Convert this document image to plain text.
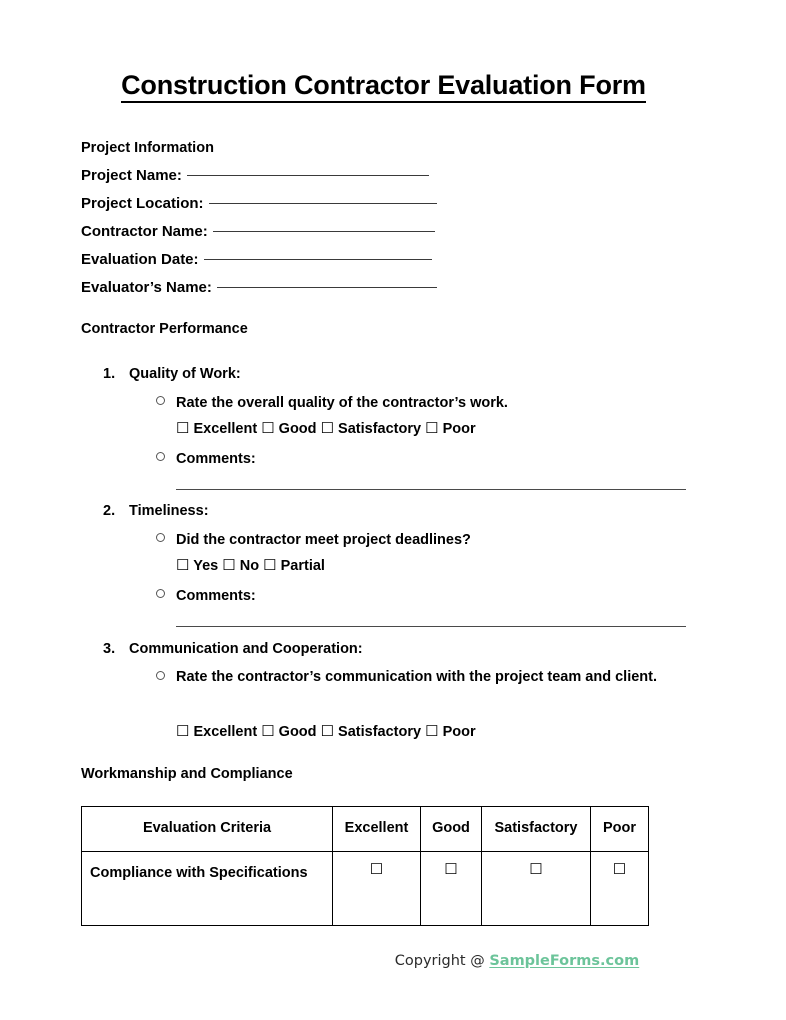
Construction Contractor Evaluation Form
Project Information
Project Name:
Project Location:
Contractor Name:
Evaluation Date:
Evaluator’s Name:
Contractor Performance
1. Quality of Work:
Rate the overall quality of the contractor’s work.
☐ Excellent ☐ Good ☐ Satisfactory ☐ Poor
Comments:
2. Timeliness:
Did the contractor meet project deadlines?
☐ Yes ☐ No ☐ Partial
Comments:
3. Communication and Cooperation:
Rate the contractor’s communication with the project team and client.
☐ Excellent ☐ Good ☐ Satisfactory ☐ Poor
Workmanship and Compliance
Evaluation Criteria	Excellent	Good	Satisfactory	Poor
Compliance with Specifications	☐	☐	☐	☐
Copyright @ SampleForms.com
